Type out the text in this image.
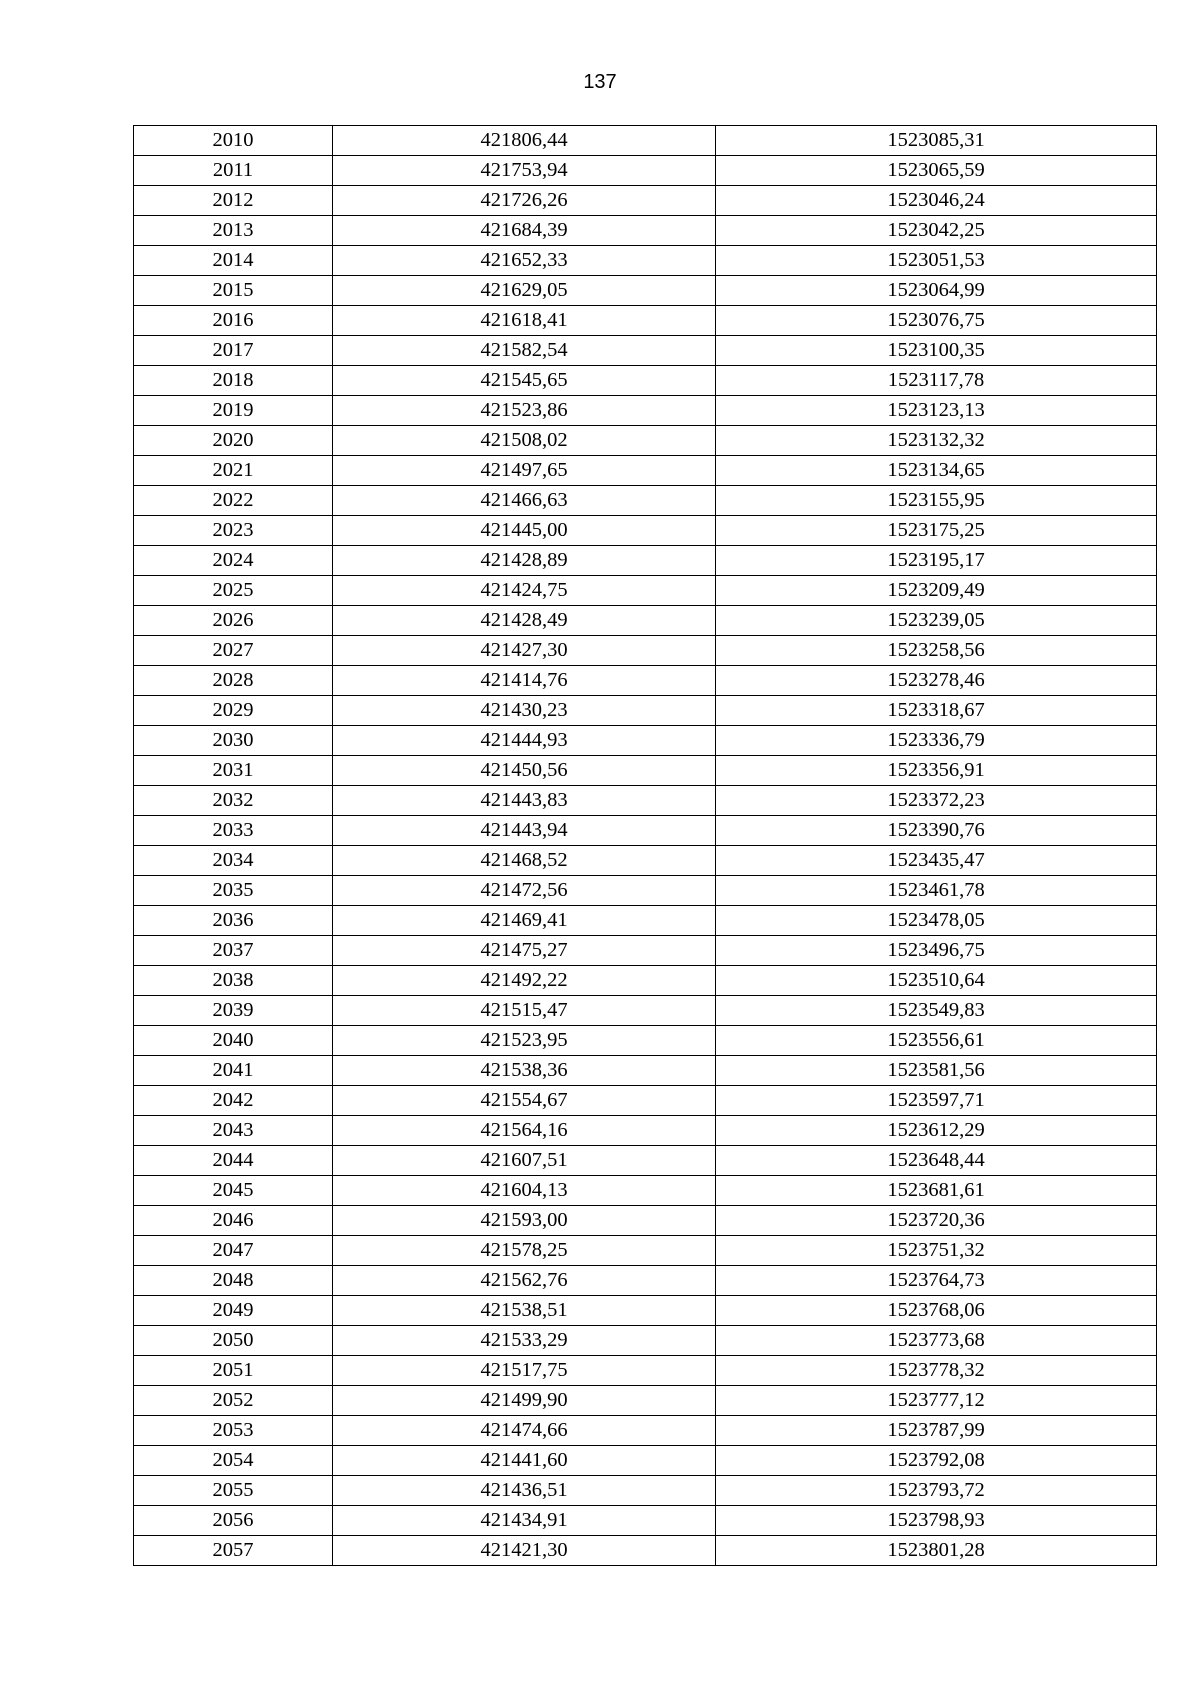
137
2010	421806,44	1523085,31
2011	421753,94	1523065,59
2012	421726,26	1523046,24
2013	421684,39	1523042,25
2014	421652,33	1523051,53
2015	421629,05	1523064,99
2016	421618,41	1523076,75
2017	421582,54	1523100,35
2018	421545,65	1523117,78
2019	421523,86	1523123,13
2020	421508,02	1523132,32
2021	421497,65	1523134,65
2022	421466,63	1523155,95
2023	421445,00	1523175,25
2024	421428,89	1523195,17
2025	421424,75	1523209,49
2026	421428,49	1523239,05
2027	421427,30	1523258,56
2028	421414,76	1523278,46
2029	421430,23	1523318,67
2030	421444,93	1523336,79
2031	421450,56	1523356,91
2032	421443,83	1523372,23
2033	421443,94	1523390,76
2034	421468,52	1523435,47
2035	421472,56	1523461,78
2036	421469,41	1523478,05
2037	421475,27	1523496,75
2038	421492,22	1523510,64
2039	421515,47	1523549,83
2040	421523,95	1523556,61
2041	421538,36	1523581,56
2042	421554,67	1523597,71
2043	421564,16	1523612,29
2044	421607,51	1523648,44
2045	421604,13	1523681,61
2046	421593,00	1523720,36
2047	421578,25	1523751,32
2048	421562,76	1523764,73
2049	421538,51	1523768,06
2050	421533,29	1523773,68
2051	421517,75	1523778,32
2052	421499,90	1523777,12
2053	421474,66	1523787,99
2054	421441,60	1523792,08
2055	421436,51	1523793,72
2056	421434,91	1523798,93
2057	421421,30	1523801,28
